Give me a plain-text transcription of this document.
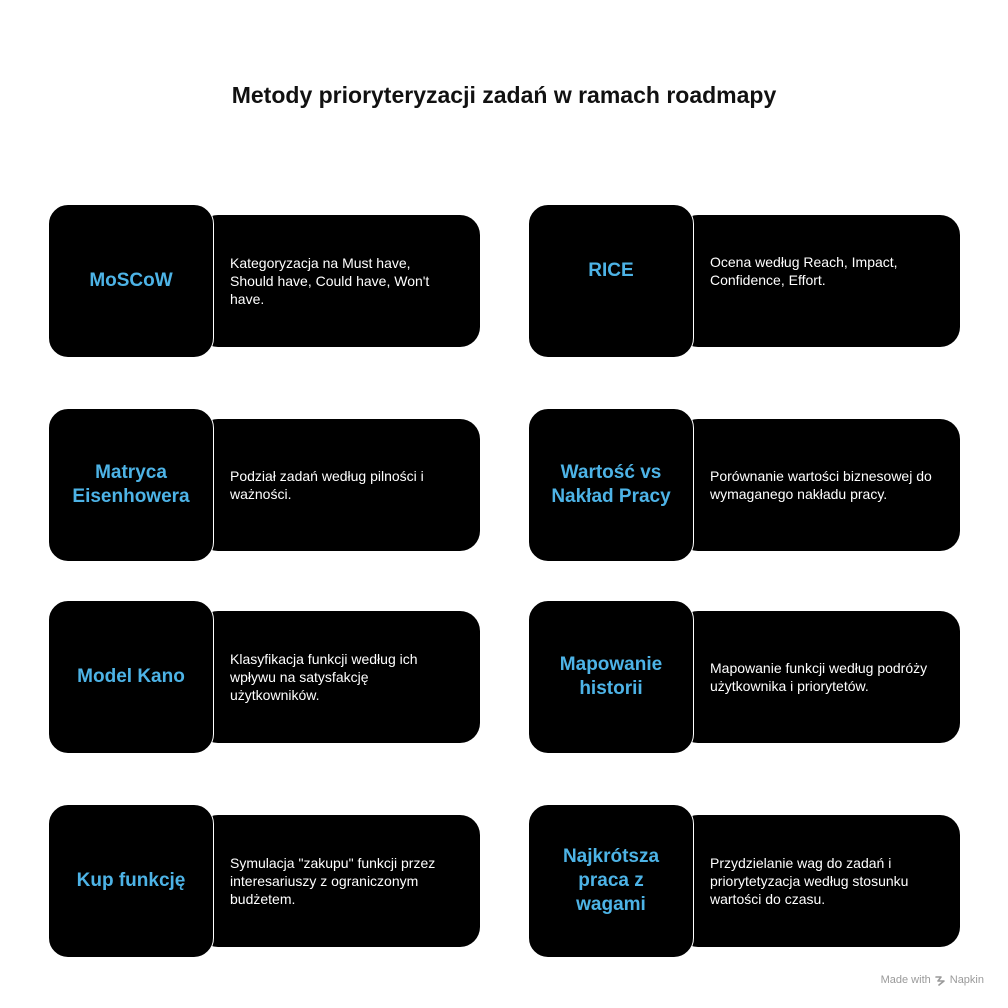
Metody prioryteryzacji zadań w ramach roadmapy
Kategoryzacja na Must have, Should have, Could have, Won't have.
MoSCoW
Ocena według Reach, Impact, Confidence, Effort.
RICE
Podział zadań według pilności i ważności.
Matryca Eisenhowera
Porównanie wartości biznesowej do wymaganego nakładu pracy.
Wartość vs Nakład Pracy
Klasyfikacja funkcji według ich wpływu na satysfakcję użytkowników.
Model Kano	Mapowanie funkcji według podróży użytkownika i priorytetów.
Mapowanie historii
Symulacja "zakupu" funkcji przez interesariuszy z ograniczonym budżetem.
Kup funkcję
Przydzielanie wag do zadań i priorytetyzacja według stosunku wartości do czasu.
Najkrótsza praca z wagami
Made with Napkin
